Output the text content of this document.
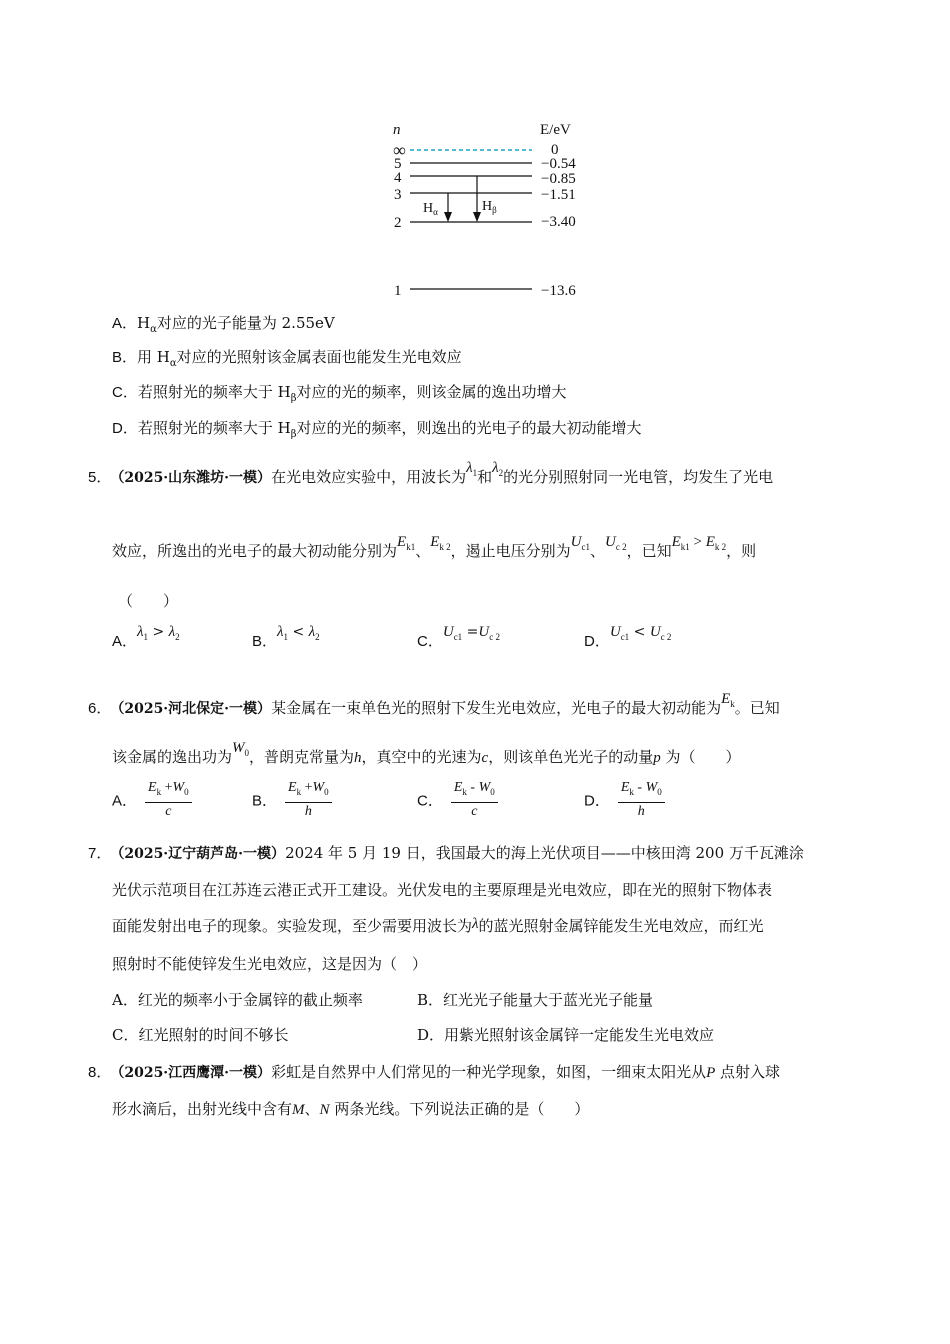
n	E/eV
∞	0
5	−0.54
4	−0.85
3	−1.51
2	−3.40
$H_\alpha$	$H_\beta$
1	−13.6
A．$H_\alpha$对应的光子能量为 2.55eV
B．用 $H_\alpha$对应的光照射该金属表面也能发生光电效应
C．若照射光的频率大于 $H_\beta$对应的光的频率，则该金属的逸出功增大
D．若照射光的频率大于 $H_\beta$对应的光的频率，则逸出的光电子的最大初动能增大
5． （2025·山东潍坊·一模）在光电效应实验中，用波长为$\lambda_1$和$\lambda_2$的光分别照射同一光电管，均发生了光电
效应，所逸出的光电子的最大初动能分别为$E_{k1}$、$E_{k 2}$，遏止电压分别为$U_{c1}$、$U_{c 2}$，已知$E_{k1} > E_{k 2}$，则
（　　）
A．$\lambda_1 > \lambda_2$	B．$\lambda_1 < \lambda_2$	C．$U_{c1} =U_{c 2}$	D．$U_{c1} < U_{c 2}$
6． （2025·河北保定·一模）某金属在一束单色光的照射下发生光电效应，光电子的最大初动能为$E_k$。已知
该金属的逸出功为$W_0$，普朗克常量为h，真空中的光速为c，则该单色光光子的动量p 为（　　）
A． $\frac{E_k +W_0}{c}$	B． $\frac{E_k +W_0}{h}$	C． $\frac{E_k - W_0}{c}$	D． $\frac{E_k - W_0}{h}$
7． （2025·辽宁葫芦岛·一模）2024 年 5 月 19 日，我国最大的海上光伏项目——中核田湾 200 万千瓦滩涂
光伏示范项目在江苏连云港正式开工建设。光伏发电的主要原理是光电效应，即在光的照射下物体表
面能发射出电子的现象。实验发现，至少需要用波长为λ的蓝光照射金属锌能发生光电效应，而红光
照射时不能使锌发生光电效应，这是因为（　）
A．红光的频率小于金属锌的截止频率	B．红光光子能量大于蓝光光子能量
C．红光照射的时间不够长	D．用紫光照射该金属锌一定能发生光电效应
8． （2025·江西鹰潭·一模）彩虹是自然界中人们常见的一种光学现象，如图，一细束太阳光从P 点射入球
形水滴后，出射光线中含有M、N 两条光线。下列说法正确的是（　　）
